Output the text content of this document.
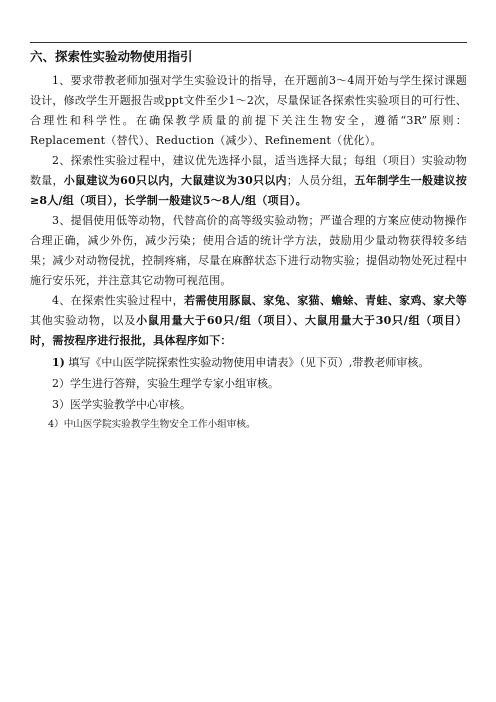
六、探索性实验动物使用指引

1、要求带教老师加强对学生实验设计的指导，在开题前3～4周开始与学生探讨课题设计，修改学生开题报告或ppt文件至少1～2次，尽量保证各探索性实验项目的可行性、合理性和科学性。在确保教学质量的前提下关注生物安全，遵循“3R”原则：Replacement（替代）、Reduction（减少）、Refinement（优化）。

2、探索性实验过程中，建议优先选择小鼠，适当选择大鼠；每组（项目）实验动物数量，小鼠建议为60只以内，大鼠建议为30只以内；人员分组，五年制学生一般建议按≥8人/组（项目），长学制一般建议5～8人/组（项目）。

3、提倡使用低等动物，代替高价的高等级实验动物；严谨合理的方案应使动物操作合理正确，减少外伤，减少污染；使用合适的统计学方法，鼓励用少量动物获得较多结果；减少对动物侵扰，控制疼痛，尽量在麻醉状态下进行动物实验；提倡动物处死过程中施行安乐死，并注意其它动物可视范围。

4、在探索性实验过程中，若需使用豚鼠、家兔、家猫、蟾蜍、青蛙、家鸡、家犬等其他实验动物，以及小鼠用量大于60只/组（项目）、大鼠用量大于30只/组（项目）时，需按程序进行报批，具体程序如下：

1) 填写《中山医学院探索性实验动物使用申请表》（见下页）,带教老师审核。
2）学生进行答辩，实验生理学专家小组审核。
3）医学实验教学中心审核。
4）中山医学院实验教学生物安全工作小组审核。
